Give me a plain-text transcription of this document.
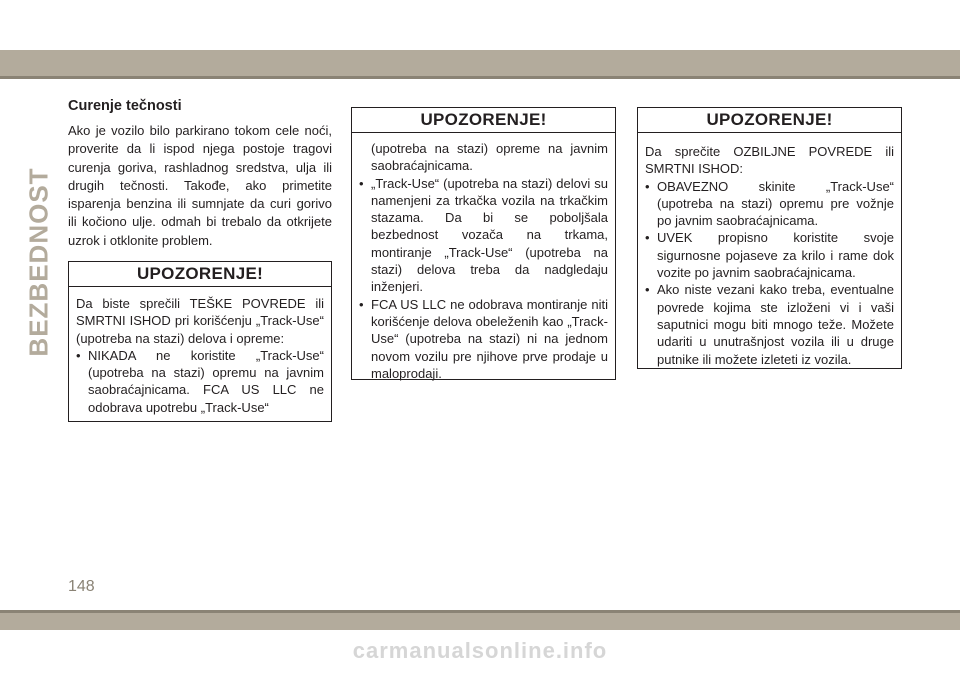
BEZBEDNOST
Curenje tečnosti

Ako je vozilo bilo parkirano tokom cele noći, proverite da li ispod njega postoje tragovi curenja goriva, rashladnog sredstva, ulja ili drugih tečnosti. Takođe, ako primetite isparenja benzina ili sumnjate da curi gorivo ili kočiono ulje. odmah bi trebalo da otkrijete uzrok i otklonite problem.

UPOZORENJE!

Da biste sprečili TEŠKE POVREDE ili SMRTNI ISHOD pri korišćenju „Track-Use“ (upotreba na stazi) delova i opreme:

• NIKADA ne koristite „Track-Use“ (upotreba na stazi) opremu na javnim saobraćajnicama. FCA US LLC ne odobrava upotrebu „Track-Use“
UPOZORENJE!
(upotreba na stazi) opreme na javnim saobraćajnicama.
• „Track-Use“ (upotreba na stazi) delovi su namenjeni za trkačka vozila na trkačkim stazama. Da bi se poboljšala bezbednost vozača na trkama, montiranje „Track-Use“ (upotreba na stazi) delova treba da nadgledaju inženjeri.
• FCA US LLC ne odobrava montiranje niti korišćenje delova obeleženih kao „Track-Use“ (upotreba na stazi) ni na jednom novom vozilu pre njihove prve prodaje u maloprodaji.
UPOZORENJE!

Da sprečite OZBILJNE POVREDE ili SMRTNI ISHOD:

• OBAVEZNO skinite „Track-Use“ (upotreba na stazi) opremu pre vožnje po javnim saobraćajnicama.
• UVEK propisno koristite svoje sigurnosne pojaseve za krilo i rame dok vozite po javnim saobraćajnicama.
• Ako niste vezani kako treba, eventualne povrede kojima ste izloženi vi i vaši saputnici mogu biti mnogo teže. Možete udariti u unutrašnjost vozila ili u druge putnike ili možete izleteti iz vozila.
148
carmanualsonline.info
